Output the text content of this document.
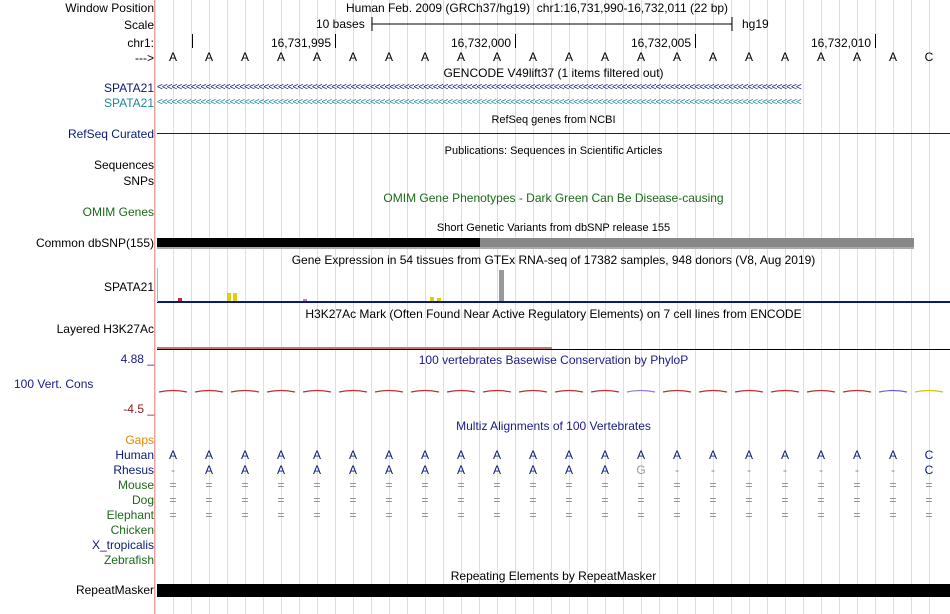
Window Position	Human Feb. 2009 (GRCh37/hg19) chr1:16,731,990-16,732,011 (22 bp)
Scale	10 bases	hg19
chr1:	16,731,995	16,732,000	16,732,005	16,732,010
---> A A A A A A A A A A A A A A A A A A A A A C
GENCODE V49lift37 (1 items filtered out)
SPATA21 <<<<<<<<<<<<<<<<<<<<<<<<<<<<<<<<<<<<<<<<<<<<<<<<<<<<<<<<<<<<<<<<<<<<<<<<<<<<<<<<<<<<<<<<<<<<<<<<<<<<<<<<<<<<<<<<<<<<<<<<<<<<<<<<<<<<<
SPATA21 <<<<<<<<<<<<<<<<<<<<<<<<<<<<<<<<<<<<<<<<<<<<<<<<<<<<<<<<<<<<<<<<<<<<<<<<<<<<<<<<<<<<<<<<<<<<<<<<<<<<<<<<<<<<<<<<<<<<<<<<<<<<<<<<<<<<<
RefSeq Curated
RefSeq genes from NCBI
Publications: Sequences in Scientific Articles
Sequences
SNPs
OMIM Gene Phenotypes - Dark Green Can Be Disease-causing
OMIM Genes
Short Genetic Variants from dbSNP release 155
Common dbSNP(155)
Gene Expression in 54 tissues from GTEx RNA-seq of 17382 samples, 948 donors (V8, Aug 2019)
SPATA21
H3K27Ac Mark (Often Found Near Active Regulatory Elements) on 7 cell lines from ENCODE
Layered H3K27Ac
100 vertebrates Basewise Conservation by PhyloP
4.88 _
100 Vert. Cons
-4.5 _
Multiz Alignments of 100 Vertebrates
Gaps
Human A A A A A A A A A A A A A A A A A A A A A C
Rhesus - A A A A A A A A A A A A G -	-	-	-	-	-	- C
Mouse = = = = = = = = = = = = = = = = = = = = = =
Dog = = = = = = = = = = = = = = = = = = = = = =
Elephant = = = = = = = = = = = = = = = = = = = = = =
Chicken
X_tropicalis
Zebrafish
Repeating Elements by RepeatMasker
RepeatMasker
